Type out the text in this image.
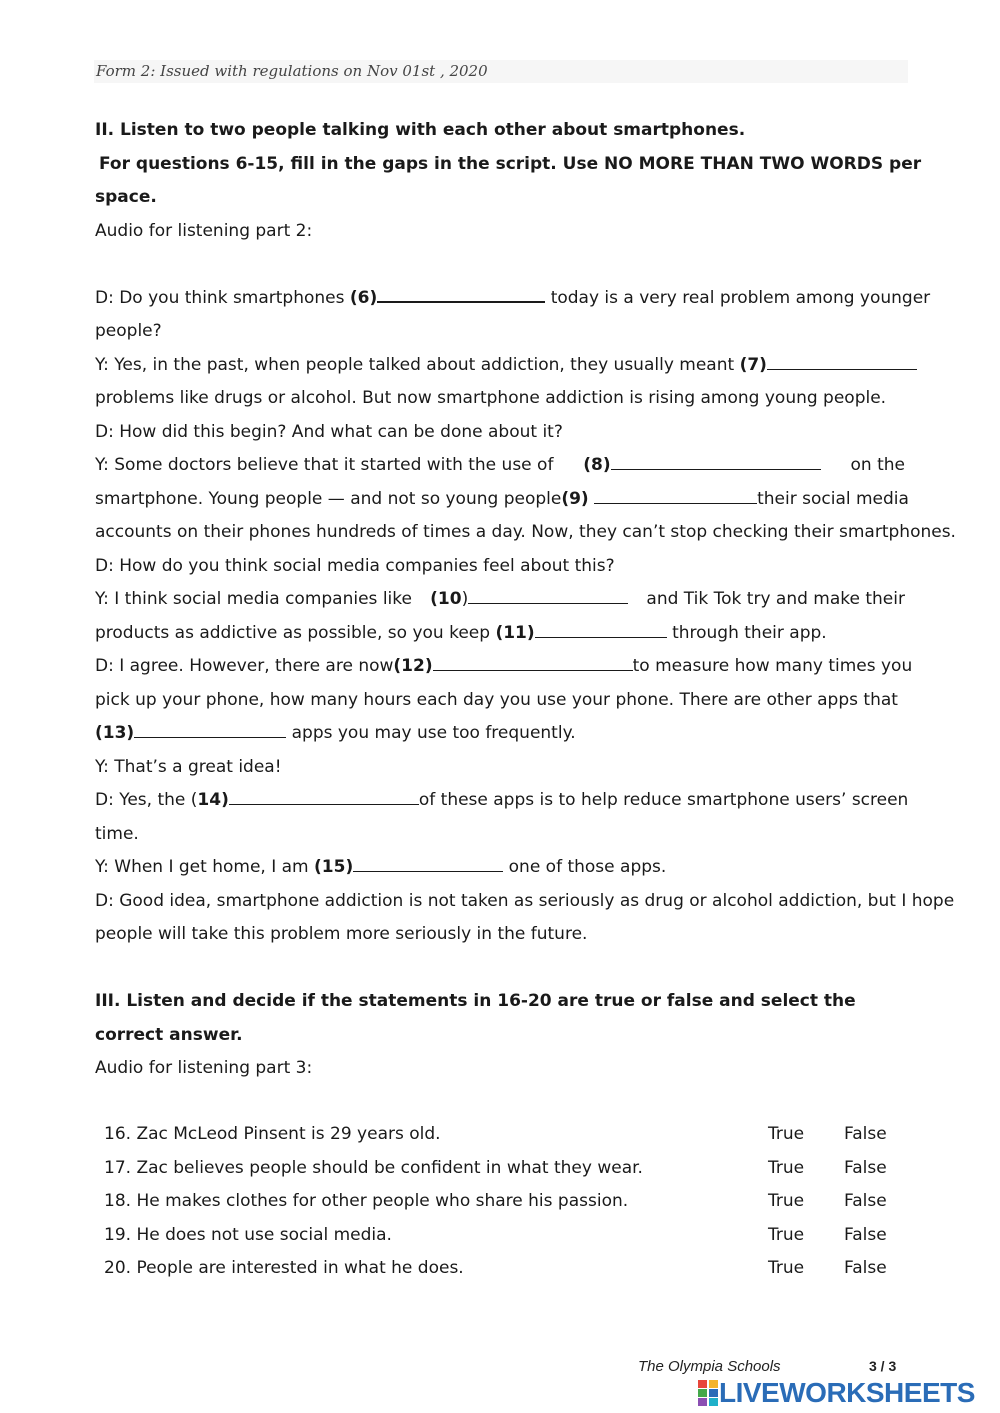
Form 2: Issued with regulations on Nov 01st , 2020
II. Listen to two people talking with each other about smartphones.
For questions 6-15, fill in the gaps in the script. Use NO MORE THAN TWO WORDS per
space.
Audio for listening part 2:
D: Do you think smartphones (6)	today is a very real problem among younger
people?
Y: Yes, in the past, when people talked about addiction, they usually meant (7)
problems like drugs or alcohol. But now smartphone addiction is rising among young people.
D: How did this begin? And what can be done about it?
Y: Some doctors believe that it started with the use of (8)	on the
smartphone. Young people — and not so young people (9)	their social media
accounts on their phones hundreds of times a day. Now, they can’t stop checking their smartphones.
D: How do you think social media companies feel about this?
Y: I think social media companies like (10)	and Tik Tok try and make their
products as addictive as possible, so you keep (11)	through their app.
D: I agree. However, there are now (12)	to measure how many times you
pick up your phone, how many hours each day you use your phone. There are other apps that
(13)	apps you may use too frequently.
Y: That’s a great idea!
D: Yes, the (14)	of these apps is to help reduce smartphone users’ screen
time.
Y: When I get home, I am (15)	one of those apps.
D: Good idea, smartphone addiction is not taken as seriously as drug or alcohol addiction, but I hope
people will take this problem more seriously in the future.
III. Listen and decide if the statements in 16-20 are true or false and select the
correct answer.
Audio for listening part 3:
16. Zac McLeod Pinsent is 29 years old.	True False
17. Zac believes people should be confident in what they wear.	True False
18. He makes clothes for other people who share his passion.	True False
19. He does not use social media.	True False
20. People are interested in what he does.	True False
The Olympia Schools	3 / 3
LIVEWORKSHEETS
